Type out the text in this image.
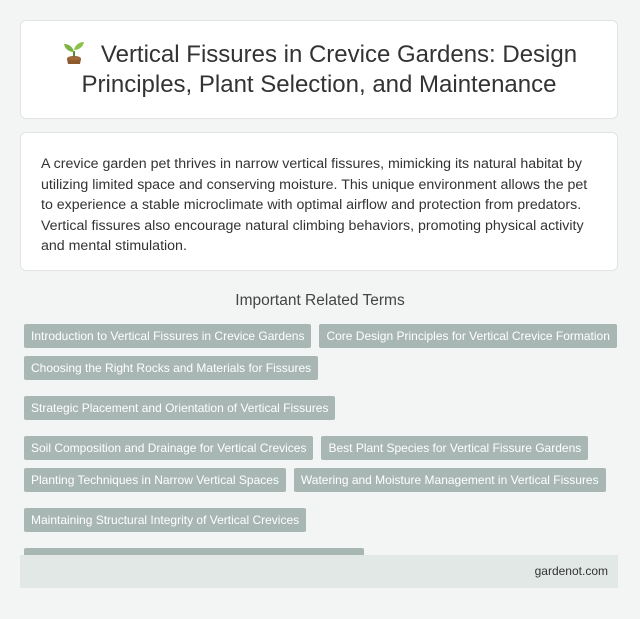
Vertical Fissures in Crevice Gardens: Design Principles, Plant Selection, and Maintenance

A crevice garden pet thrives in narrow vertical fissures, mimicking its natural habitat by utilizing limited space and conserving moisture. This unique environment allows the pet to experience a stable microclimate with optimal airflow and protection from predators. Vertical fissures also encourage natural climbing behaviors, promoting physical activity and mental stimulation.

Important Related Terms
Introduction to Vertical Fissures in Crevice Gardens	Core Design Principles for Vertical Crevice Formation
Choosing the Right Rocks and Materials for Fissures
Strategic Placement and Orientation of Vertical Fissures
Soil Composition and Drainage for Vertical Crevices	Best Plant Species for Vertical Fissure Gardens
Planting Techniques in Narrow Vertical Spaces	Watering and Moisture Management in Vertical Fissures
Maintaining Structural Integrity of Vertical Crevices
gardenot.com
